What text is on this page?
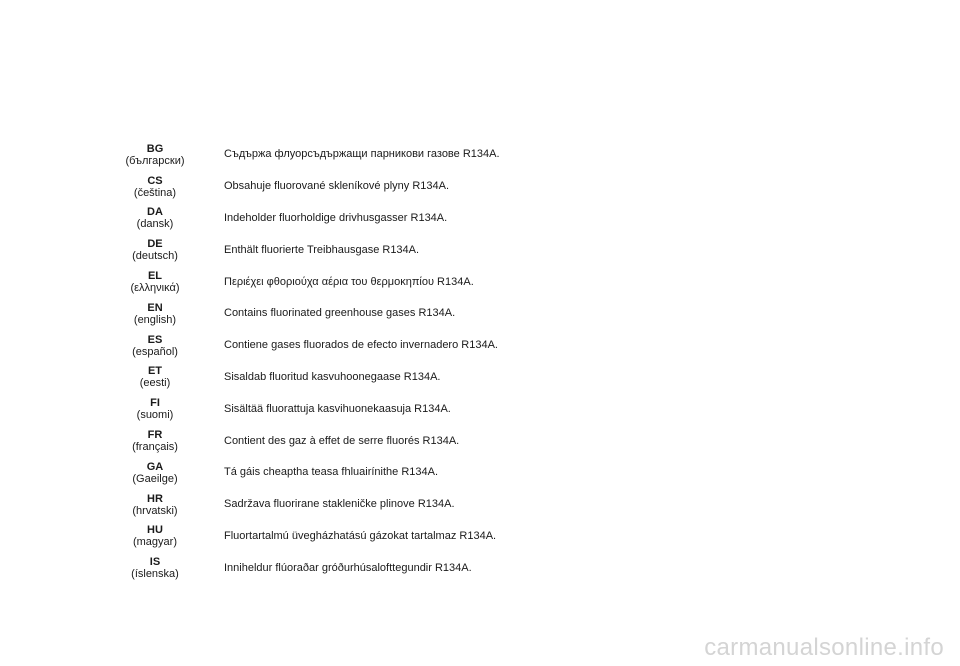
BG
(български)
Съдържа флуорсъдържащи парникови газове R134A.
CS
(čeština)
Obsahuje fluorované skleníkové plyny R134A.
DA
(dansk)
Indeholder fluorholdige drivhusgasser R134A.
DE
(deutsch)
Enthält fluorierte Treibhausgase R134A.
EL
(ελληνικά)
Περιέχει φθοριούχα αέρια του θερμοκηπίου R134A.
EN
(english)
Contains fluorinated greenhouse gases R134A.
ES
(español)
Contiene gases fluorados de efecto invernadero R134A.
ET
(eesti)
Sisaldab fluoritud kasvuhoonegaase R134A.
FI
(suomi)
Sisältää fluorattuja kasvihuonekaasuja R134A.
FR
(français)
Contient des gaz à effet de serre fluorés R134A.
GA
(Gaeilge)
Tá gáis cheaptha teasa fhluairínithe R134A.
HR
(hrvatski)
Sadržava fluorirane stakleničke plinove R134A.
HU
(magyar)
Fluortartalmú üvegházhatású gázokat tartalmaz R134A.
IS
(íslenska)
Inniheldur flúoraðar gróðurhúsalofttegundir R134A.
carmanualsonline.info
